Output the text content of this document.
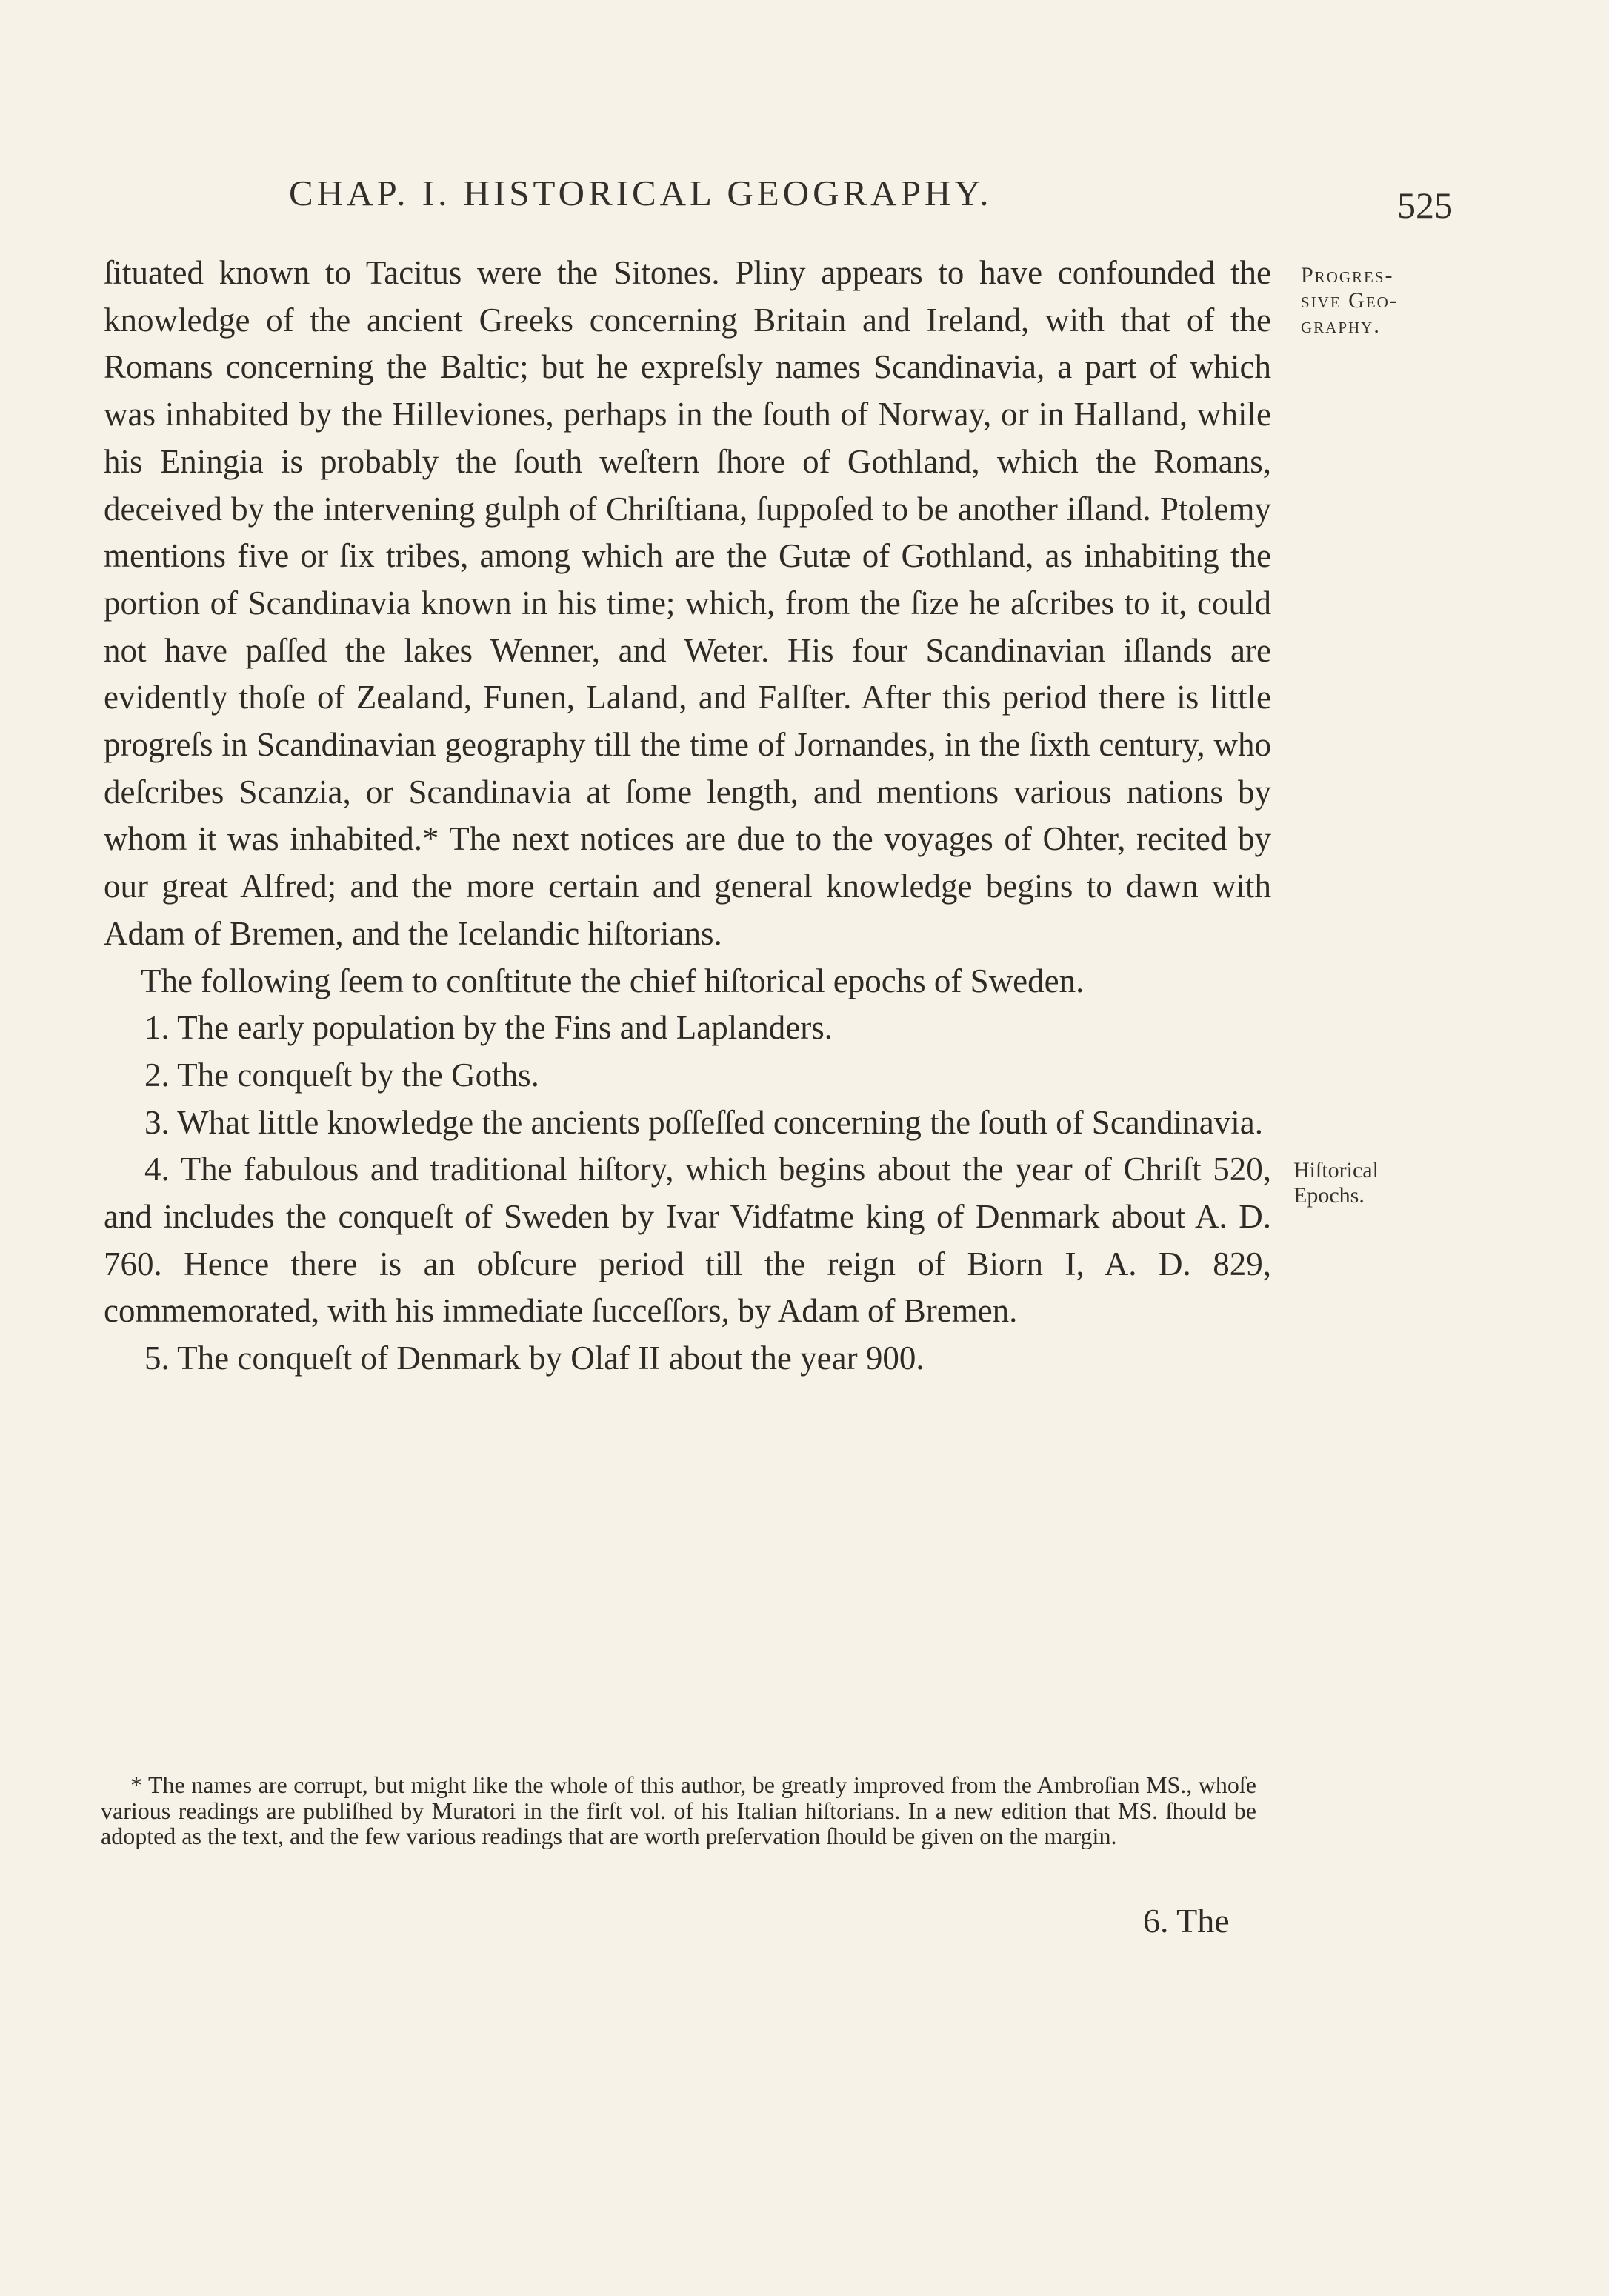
CHAP. I. HISTORICAL GEOGRAPHY.	525
Progres-
sive Geo-
graphy.
Hiſtorical
Epochs.

ſituated known to Tacitus were the Sitones. Pliny appears to have confounded the knowledge of the ancient Greeks concerning Britain and Ireland, with that of the Romans concerning the Baltic; but he expreſsly names Scandinavia, a part of which was inhabited by the Hilleviones, perhaps in the ſouth of Norway, or in Halland, while his Eningia is probably the ſouth weſtern ſhore of Gothland, which the Romans, deceived by the intervening gulph of Chriſtiana, ſuppoſed to be another iſland. Ptolemy mentions five or ſix tribes, among which are the Gutæ of Gothland, as inhabiting the portion of Scandinavia known in his time; which, from the ſize he aſcribes to it, could not have paſſed the lakes Wenner, and Weter. His four Scandinavian iſlands are evidently thoſe of Zealand, Funen, Laland, and Falſter. After this period there is little progreſs in Scandinavian geography till the time of Jornandes, in the ſixth century, who deſcribes Scanzia, or Scandinavia at ſome length, and mentions various nations by whom it was inhabited.* The next notices are due to the voyages of Ohter, recited by our great Alfred; and the more certain and general knowledge begins to dawn with Adam of Bremen, and the Icelandic hiſtorians.

The following ſeem to conſtitute the chief hiſtorical epochs of Sweden.

1. The early population by the Fins and Laplanders.

2. The conqueſt by the Goths.

3. What little knowledge the ancients poſſeſſed concerning the ſouth of Scandinavia.

4. The fabulous and traditional hiſtory, which begins about the year of Chriſt 520, and includes the conqueſt of Sweden by Ivar Vidfatme king of Denmark about A. D. 760. Hence there is an obſcure period till the reign of Biorn I, A. D. 829, commemorated, with his immediate ſucceſſors, by Adam of Bremen.

5. The conqueſt of Denmark by Olaf II about the year 900.

* The names are corrupt, but might like the whole of this author, be greatly improved from the Ambroſian MS., whoſe various readings are publiſhed by Muratori in the firſt vol. of his Italian hiſtorians. In a new edition that MS. ſhould be adopted as the text, and the few various readings that are worth preſervation ſhould be given on the margin.

6. The
